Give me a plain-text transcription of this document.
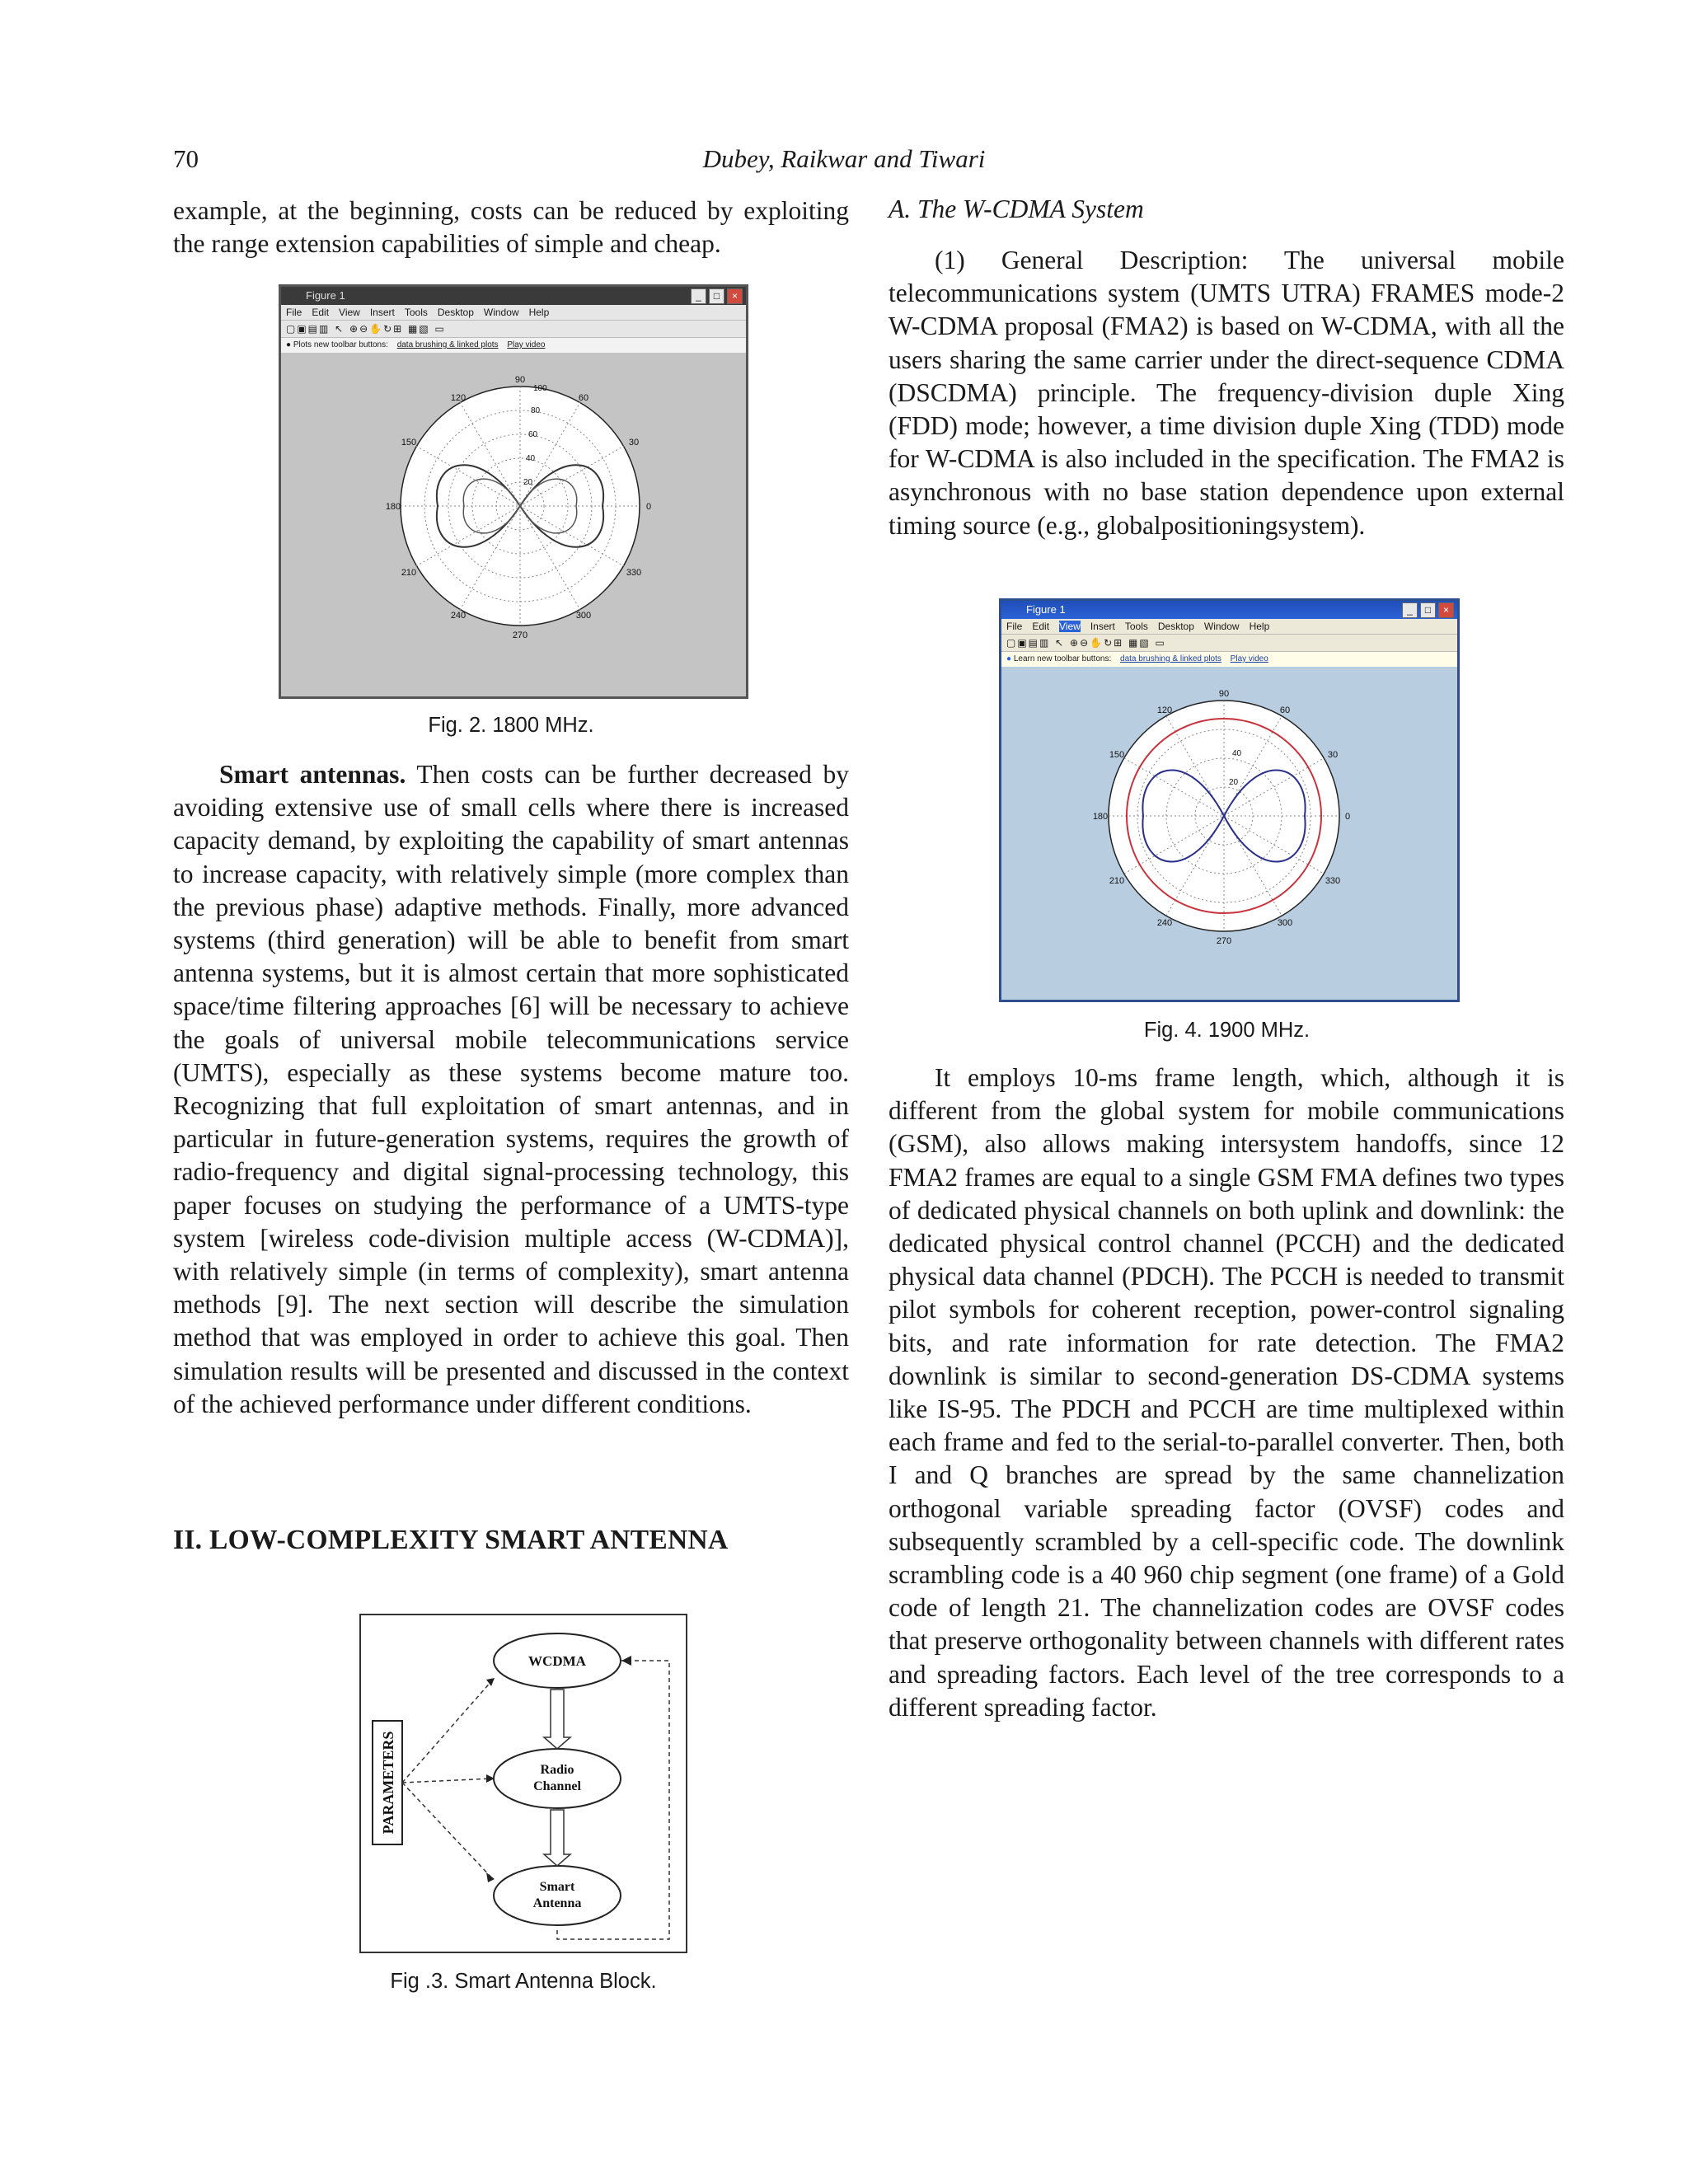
70	Dubey, Raikwar and Tiwari

example, at the beginning, costs can be reduced by exploiting the range extension capabilities of simple and cheap.

Figure 1	_	□	×
File Edit View Insert Tools Desktop Window Help
▢▣▤▥ ↖ ⊕⊖✋↻⊞ ▦▧ ▭
● Plots new toolbar buttons: data brushing & linked plots Play video
90
120	60
150	30
180	0
210	330
240	300
270
100
80
60
40
20
Fig. 2. 1800 MHz.

Smart antennas. Then costs can be further decreased by avoiding extensive use of small cells where there is increased capacity demand, by exploiting the capability of smart antennas to increase capacity, with relatively simple (more complex than the previous phase) adaptive methods. Finally, more advanced systems (third generation) will be able to benefit from smart antenna systems, but it is almost certain that more sophisticated space/time filtering approaches [6] will be necessary to achieve the goals of universal mobile telecommunications service (UMTS), especially as these systems become mature too. Recognizing that full exploitation of smart antennas, and in particular in future-generation systems, requires the growth of radio-frequency and digital signal-processing technology, this paper focuses on studying the performance of a UMTS-type system [wireless code-division multiple access (W-CDMA)], with relatively simple (in terms of complexity), smart antenna methods [9]. The next section will describe the simulation method that was employed in order to achieve this goal. Then simulation results will be presented and discussed in the context of the achieved performance under different conditions.

II. LOW-COMPLEXITY SMART ANTENNA
PARAMETERS
WCDMA
Radio
Channel
Smart
Antenna
Fig .3. Smart Antenna Block.
A. The W-CDMA System

(1) General Description: The universal mobile telecommunications system (UMTS UTRA) FRAMES mode-2 W-CDMA proposal (FMA2) is based on W-CDMA, with all the users sharing the same carrier under the direct-sequence CDMA (DSCDMA) principle. The frequency-division duple Xing (FDD) mode; however, a time division duple Xing (TDD) mode for W-CDMA is also included in the specification. The FMA2 is asynchronous with no base station dependence upon external timing source (e.g., globalpositioningsystem).

Figure 1	_	□	×
File Edit View Insert Tools Desktop Window Help
▢▣▤▥ ↖ ⊕⊖✋↻⊞ ▦▧ ▭
● Learn new toolbar buttons: data brushing & linked plots Play video
90
120	60
150	30
180	0
210	330
240	300
270
40
20
Fig. 4. 1900 MHz.

It employs 10-ms frame length, which, although it is different from the global system for mobile communications (GSM), also allows making intersystem handoffs, since 12 FMA2 frames are equal to a single GSM FMA defines two types of dedicated physical channels on both uplink and downlink: the dedicated physical control channel (PCCH) and the dedicated physical data channel (PDCH). The PCCH is needed to transmit pilot symbols for coherent reception, power-control signaling bits, and rate information for rate detection. The FMA2 downlink is similar to second-generation DS-CDMA systems like IS-95. The PDCH and PCCH are time multiplexed within each frame and fed to the serial-to-parallel converter. Then, both I and Q branches are spread by the same channelization orthogonal variable spreading factor (OVSF) codes and subsequently scrambled by a cell-specific code. The downlink scrambling code is a 40 960 chip segment (one frame) of a Gold code of length 21. The channelization codes are OVSF codes that preserve orthogonality between channels with different rates and spreading factors. Each level of the tree corresponds to a different spreading factor.
